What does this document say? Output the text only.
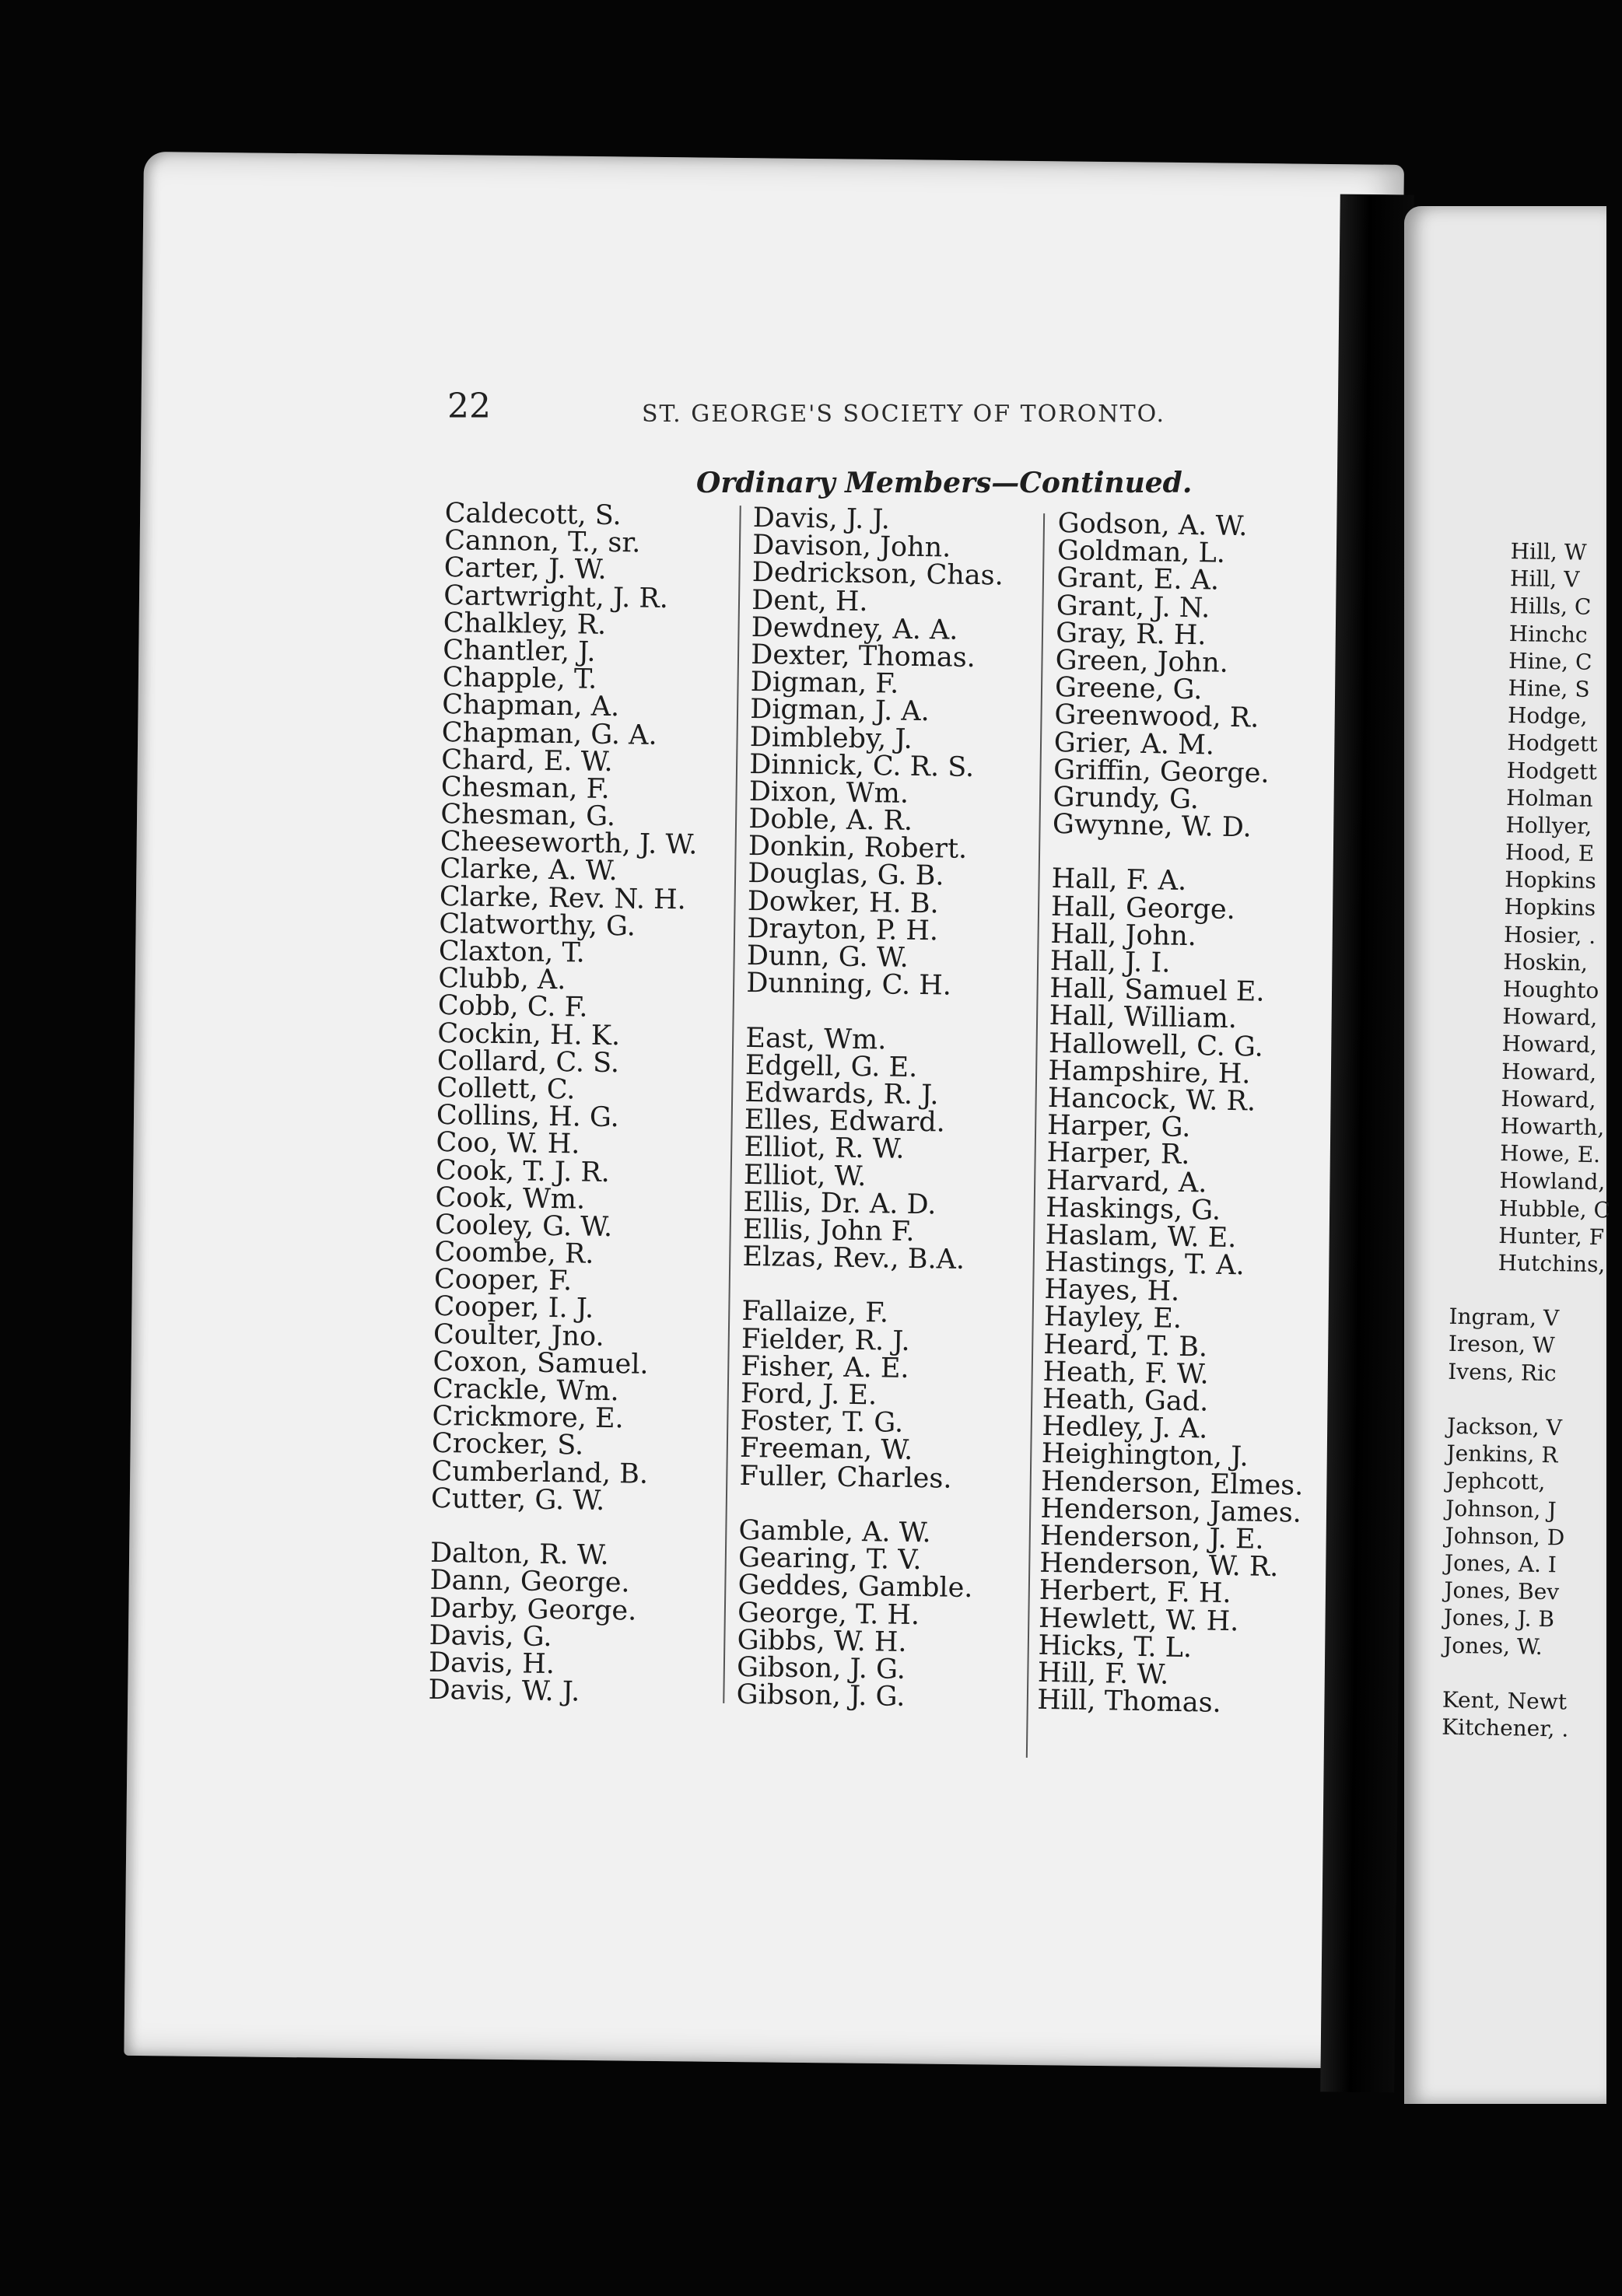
22	ST. GEORGE'S SOCIETY OF TORONTO.
Ordinary Members—Continued.
Caldecott, S.
Cannon, T., sr.
Carter, J. W.
Cartwright, J. R.
Chalkley, R.
Chantler, J.
Chapple, T.
Chapman, A.
Chapman, G. A.
Chard, E. W.
Chesman, F.
Chesman, G.
Cheeseworth, J. W.
Clarke, A. W.
Clarke, Rev. N. H.
Clatworthy, G.
Claxton, T.
Clubb, A.
Cobb, C. F.
Cockin, H. K.
Collard, C. S.
Collett, C.
Collins, H. G.
Coo, W. H.
Cook, T. J. R.
Cook, Wm.
Cooley, G. W.
Coombe, R.
Cooper, F.
Cooper, I. J.
Coulter, Jno.
Coxon, Samuel.
Crackle, Wm.
Crickmore, E.
Crocker, S.
Cumberland, B.
Cutter, G. W.
Dalton, R. W.
Dann, George.
Darby, George.
Davis, G.
Davis, H.
Davis, W. J.
Davis, J. J.
Davison, John.
Dedrickson, Chas.
Dent, H.
Dewdney, A. A.
Dexter, Thomas.
Digman, F.
Digman, J. A.
Dimbleby, J.
Dinnick, C. R. S.
Dixon, Wm.
Doble, A. R.
Donkin, Robert.
Douglas, G. B.
Dowker, H. B.
Drayton, P. H.
Dunn, G. W.
Dunning, C. H.
East, Wm.
Edgell, G. E.
Edwards, R. J.
Elles, Edward.
Elliot, R. W.
Elliot, W.
Ellis, Dr. A. D.
Ellis, John F.
Elzas, Rev., B.A.
Fallaize, F.
Fielder, R. J.
Fisher, A. E.
Ford, J. E.
Foster, T. G.
Freeman, W.
Fuller, Charles.
Gamble, A. W.
Gearing, T. V.
Geddes, Gamble.
George, T. H.
Gibbs, W. H.
Gibson, J. G.
Gibson, J. G.
Godson, A. W.
Goldman, L.
Grant, E. A.
Grant, J. N.
Gray, R. H.
Green, John.
Greene, G.
Greenwood, R.
Grier, A. M.
Griffin, George.
Grundy, G.
Gwynne, W. D.
Hall, F. A.
Hall, George.
Hall, John.
Hall, J. I.
Hall, Samuel E.
Hall, William.
Hallowell, C. G.
Hampshire, H.
Hancock, W. R.
Harper, G.
Harper, R.
Harvard, A.
Haskings, G.
Haslam, W. E.
Hastings, T. A.
Hayes, H.
Hayley, E.
Heard, T. B.
Heath, F. W.
Heath, Gad.
Hedley, J. A.
Heighington, J.
Henderson, Elmes.
Henderson, James.
Henderson, J. E.
Henderson, W. R.
Herbert, F. H.
Hewlett, W. H.
Hicks, T. L.
Hill, F. W.
Hill, Thomas.
Hill, W
Hill, V
Hills, C
Hinchc
Hine, C
Hine, S
Hodge,
Hodgett
Hodgett
Holman
Hollyer,
Hood, E
Hopkins
Hopkins
Hosier, .
Hoskin,
Houghto
Howard,
Howard,
Howard,
Howard,
Howarth,
Howe, E.
Howland,
Hubble, C
Hunter, F
Hutchins,
Ingram, V
Ireson, W
Ivens, Ric
Jackson, V
Jenkins, R
Jephcott,
Johnson, J
Johnson, D
Jones, A. I
Jones, Bev
Jones, J. B
Jones, W.
Kent, Newt
Kitchener, .
